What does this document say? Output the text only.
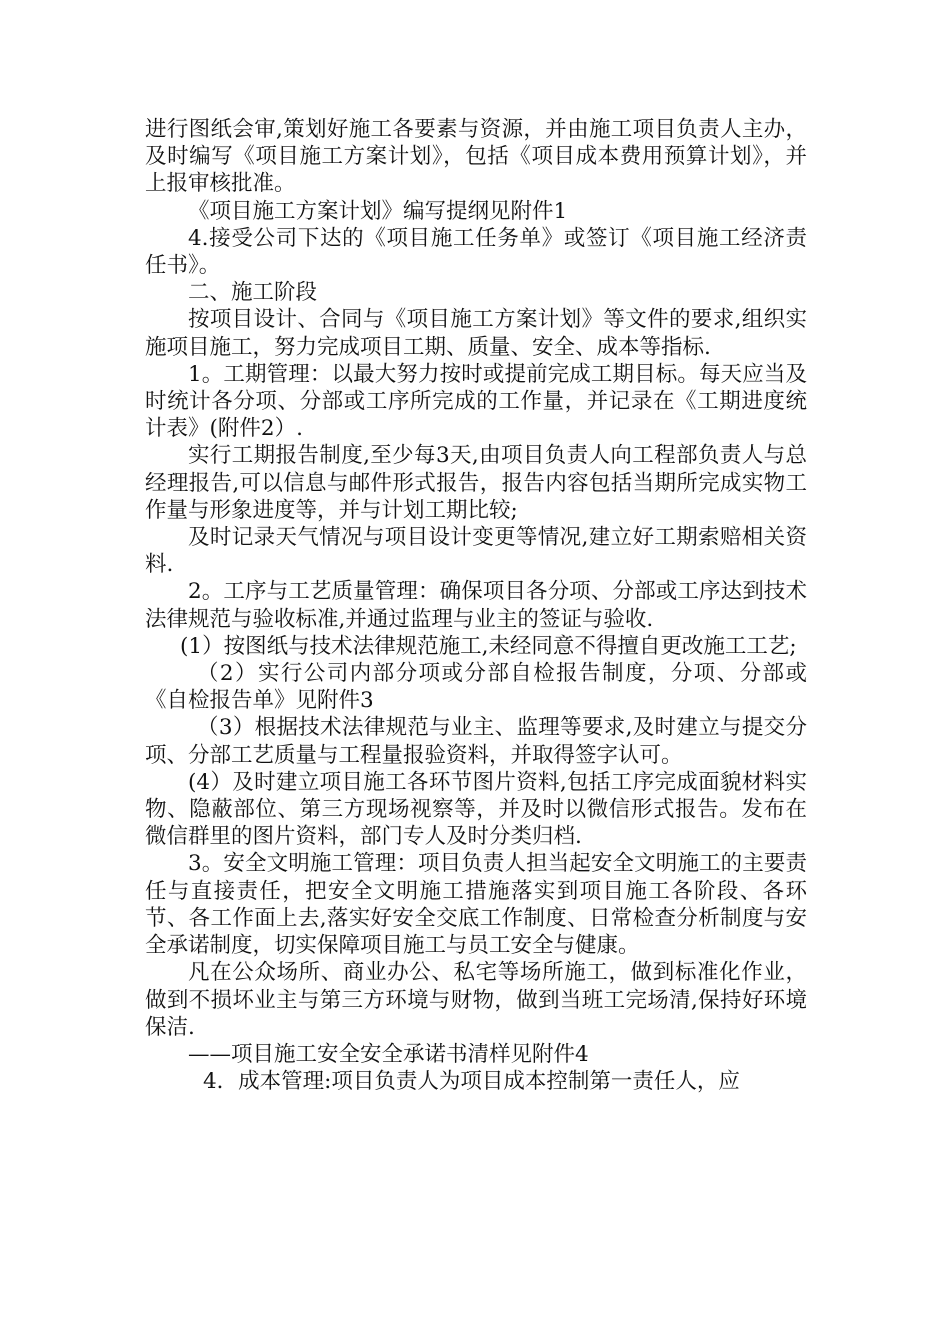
进行图纸会审,策划好施工各要素与资源，并由施工项目负责人主办，及时编写《项目施工方案计划》，包括《项目成本费用预算计划》，并上报审核批准。

《项目施工方案计划》编写提纲见附件1

4.接受公司下达的《项目施工任务单》或签订《项目施工经济责任书》。

二、施工阶段

按项目设计、合同与《项目施工方案计划》等文件的要求,组织实施项目施工，努力完成项目工期、质量、安全、成本等指标.

1。工期管理：以最大努力按时或提前完成工期目标。每天应当及时统计各分项、分部或工序所完成的工作量，并记录在《工期进度统计表》(附件2）.

实行工期报告制度,至少每3天,由项目负责人向工程部负责人与总经理报告,可以信息与邮件形式报告，报告内容包括当期所完成实物工作量与形象进度等，并与计划工期比较;

及时记录天气情况与项目设计变更等情况,建立好工期索赔相关资料.

2。工序与工艺质量管理：确保项目各分项、分部或工序达到技术法律规范与验收标准,并通过监理与业主的签证与验收.

(1）按图纸与技术法律规范施工,未经同意不得擅自更改施工工艺;

（2）实行公司内部分项或分部自检报告制度，分项、分部或《自检报告单》见附件3

（3）根据技术法律规范与业主、监理等要求,及时建立与提交分项、分部工艺质量与工程量报验资料，并取得签字认可。

(4）及时建立项目施工各环节图片资料,包括工序完成面貌材料实物、隐蔽部位、第三方现场视察等，并及时以微信形式报告。发布在微信群里的图片资料，部门专人及时分类归档.

3。安全文明施工管理：项目负责人担当起安全文明施工的主要责任与直接责任，把安全文明施工措施落实到项目施工各阶段、各环节、各工作面上去,落实好安全交底工作制度、日常检查分析制度与安全承诺制度，切实保障项目施工与员工安全与健康。

凡在公众场所、商业办公、私宅等场所施工，做到标准化作业，做到不损坏业主与第三方环境与财物，做到当班工完场清,保持好环境保洁.

——项目施工安全安全承诺书清样见附件4

4．成本管理:项目负责人为项目成本控制第一责任人，应
